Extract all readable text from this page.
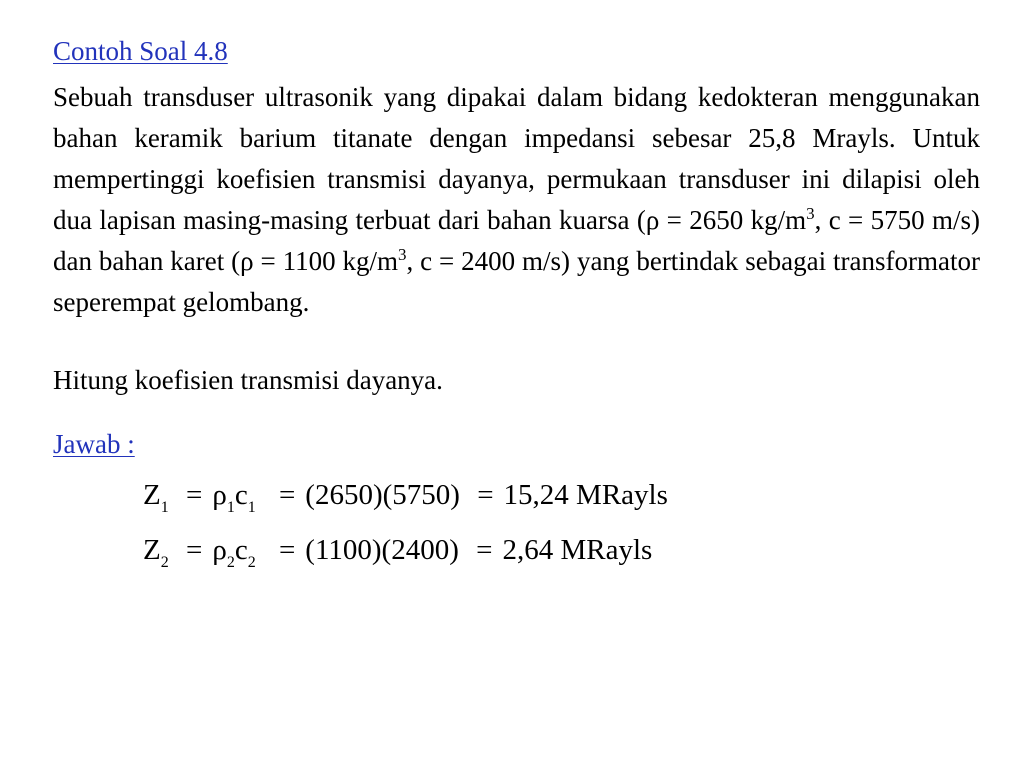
Contoh Soal 4.8
Sebuah transduser ultrasonik yang dipakai dalam bidang kedokteran menggunakan bahan keramik barium titanate dengan impedansi sebesar 25,8 Mrayls. Untuk mempertinggi koefisien transmisi dayanya, permukaan transduser ini dilapisi oleh dua lapisan masing-masing terbuat dari bahan kuarsa (ρ = 2650 $kg/m^3$, c = 5750 m/s) dan bahan karet (ρ = 1100 $kg/m^3$, c = 2400 m/s) yang bertindak sebagai transformator seperempat gelombang.
Hitung koefisien transmisi dayanya.
Jawab :
$Z_1 = \rho_1c_1 = (2650)(5750) = 15,24$ MRayls
$Z_2 = \rho_2c_2 = (1100)(2400) = 2,64$ MRayls
